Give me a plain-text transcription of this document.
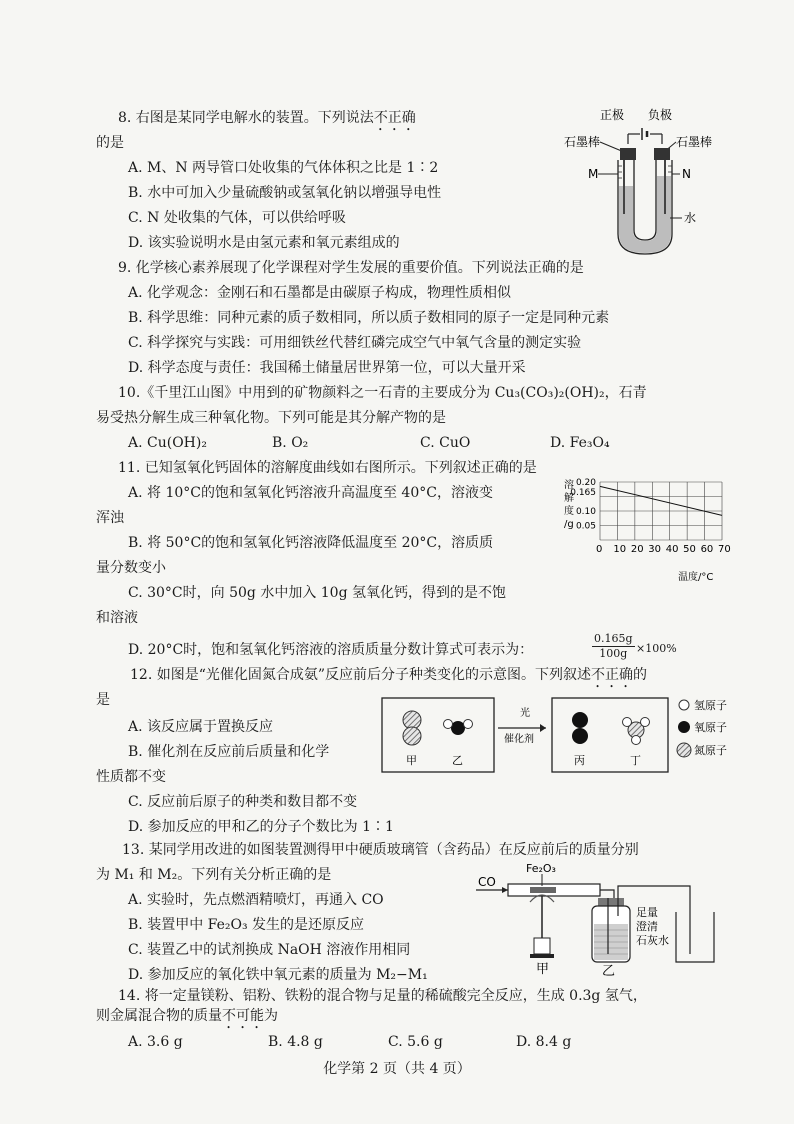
8. 右图是某同学电解水的装置。下列说法不正确
的是
A. M、N 两导管口处收集的气体体积之比是 1∶2
B. 水中可加入少量硫酸钠或氢氧化钠以增强导电性
C. N 处收集的气体，可以供给呼吸
D. 该实验说明水是由氢元素和氧元素组成的
正极 负极
石墨棒	石墨棒
M	N
水
9. 化学核心素养展现了化学课程对学生发展的重要价值。下列说法正确的是
A. 化学观念：金刚石和石墨都是由碳原子构成，物理性质相似
B. 科学思维：同种元素的质子数相同，所以质子数相同的原子一定是同种元素
C. 科学探究与实践：可用细铁丝代替红磷完成空气中氧气含量的测定实验
D. 科学态度与责任：我国稀土储量居世界第一位，可以大量开采
10.《千里江山图》中用到的矿物颜料之一石青的主要成分为 Cu₃(CO₃)₂(OH)₂，石青
易受热分解生成三种氧化物。下列可能是其分解产物的是
A. Cu(OH)₂	B. O₂	C. CuO	D. Fe₃O₄
11. 已知氢氧化钙固体的溶解度曲线如右图所示。下列叙述正确的是
A. 将 10°C的饱和氢氧化钙溶液升高温度至 40°C，溶液变
浑浊
B. 将 50°C的饱和氢氧化钙溶液降低温度至 20°C，溶质质
量分数变小
C. 30°C时，向 50g 水中加入 10g 氢氧化钙，得到的是不饱
和溶液
D. 20°C时，饱和氢氧化钙溶液的溶质质量分数计算式可表示为：	$\frac{0.165g}{100g} \times 100\%$
溶
解
度
/g
溶解度/g
0 10 20 30 40 50 60 70
0.20
0.165
0.10
0.05
温度/°C
12. 如图是“光催化固氮合成氨”反应前后分子种类变化的示意图。下列叙述不正确的
是
A. 该反应属于置换反应
B. 催化剂在反应前后质量和化学
性质都不变
C. 反应前后原子的种类和数目都不变
D. 参加反应的甲和乙的分子个数比为 1∶1
甲	乙
光
催化剂
丙	丁
氢原子
氧原子
氮原子
13. 某同学用改进的如图装置测得甲中硬质玻璃管（含药品）在反应前后的质量分别
为 M₁ 和 M₂。下列有关分析正确的是
A. 实验时，先点燃酒精喷灯，再通入 CO
B. 装置甲中 Fe₂O₃ 发生的是还原反应
C. 装置乙中的试剂换成 NaOH 溶液作用相同
D. 参加反应的氧化铁中氧元素的质量为 M₂−M₁
CO
Fe₂O₃
足量
澄清
石灰水
甲	乙
14. 将一定量镁粉、铝粉、铁粉的混合物与足量的稀硫酸完全反应，生成 0.3g 氢气，
则金属混合物的质量不可能为
A. 3.6 g	B. 4.8 g	C. 5.6 g	D. 8.4 g
化学第 2 页（共 4 页）
